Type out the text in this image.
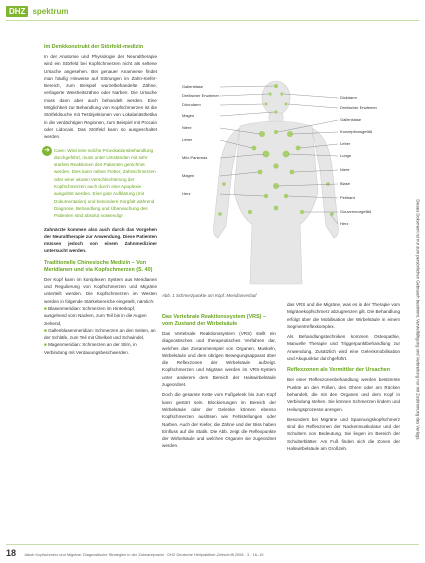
DHZ spektrum
Dieses Dokument ist nur zum persönlichen Gebrauch bestimmt. Vervielfältigung und Verbreitung nur mit Zustimmung des Verlags.
Im Denkkonstrukt der Störfeld-medizin

In der Anatomie und Physiologie der Neuraltherapie wird ein Störfeld bei Kopfschmerzen nicht als seltene Ursache angesehen. Bei genauer Anamnese findet man häufig Hinweise auf Störungen im Zahn-Kiefer-Bereich, zum Beispiel wurzelbehandelte Zähne, verlagerte Weisheitszähne oder Narben. Die Ursache muss dann aber auch behandelt werden. Eine Möglichkeit zur Behandlung von Kopfschmerzen ist die Störfeldsuche mit Testinjektionen von Lokalanästhetika in die verdächtigen Regionen, zum Beispiel mit Procain oder Lidocain. Das Störfeld kann so ausgeschaltet werden.

➜ Cave: Wird eine solche Provokationsbehandlung durchgeführt, muss unter Umständen mit sehr starken Reaktionen des Patienten gerechnet werden. Dies kann neben Fieber, Zahnschmerzen oder einer akuten Verschlechterung der Kopfschmerzen auch durch eine Apoplexie ausgelöst werden. Eine gute Aufklärung (mit Dokumentation) und besondere Sorgfalt während Diagnose, Behandlung und Überwachung des Patienten sind absolut notwendig!

Zahnärzte kommen also auch durch das Vorgehen der Neuraltherapie zur Anwendung. Diese Patienten müssen jedoch von einem Zahnmediziner untersucht werden.

Traditionelle Chinesische Medizin – Von Meridianen und via Kopfschmerzen (S. 40)

Der Kopf kann im komplexen System aus Meridianen und Regulierung von Kopfschmerzen und Migräne unterteilt werden. Die Kopfschmerzen im Westen werden in folgende Stärkebereiche eingeteilt, nämlich:

■ Blasenmeridian: Schmerzen im Hinterkopf, ausgehend vom Nacken, zum Teil bis in die Augen ziehend,
■ Gallenblasenmeridian: Schmerzen an den Seiten, an der Schläfe, zum Teil mit Übelkeit und Schwindel,
■ Magenmeridian: Schmerzen an der Stirn, in Verbindung mit Verdauungsbeschwerden.
Gallenblase
Dreifacher Erwärmer
Dünndarm
Magen
Niere
Leber
Milz-Pankreas
Magen
Herz
Dickdarm
Dreifacher Erwärmer
Gallenblase
Konzeptionsgefäß
Leber
Lunge
Niere
Blase
Perikard
Gouverneurgefäß
Herz
Abb. 1 Schmerzpunkte am Kopf. Meridianverlauf
Das Vertebrale Reaktionssystem (VRS) – vom Zustand der Wirbelsäule

Das Vertebrale Reaktionssystem (VRS) stellt ein diagnostisches und therapeutisches Verfahren dar, welches das Zusammenspiel von Organen, Muskeln, Wirbelsäule und dem übrigen Bewegungsapparat über die Reflexzonen der Wirbelsäule aufzeigt. Kopfschmerzen und Migräne werden im VRS-System unter anderem dem Bereich der Halswirbelsäule zugeordnet.

Doch die gesamte Kette vom Fußgelenk bis zum Kopf kann gestört sein. Blockierungen im Bereich der Wirbelsäule oder der Gelenke können ebenso Kopfschmerzen auslösen wie Fehlstellungen oder Narben. Auch der Kiefer, die Zähne und der Biss haben Einfluss auf die Statik. Die Abb. zeigt die Reflexpunkte der Wirbelsäule und welchen Organen sie zugeordnet werden.

das VRS und die Migräne, was es in der Therapie vom Migränekopfschmerz abzugrenzen gilt. Die Behandlung erfolgt über die Mobilisation der Wirbelsäule in einem Segmentreflexkomplex.

Als Behandlungstechniken kommen Osteopathie, Manuelle Therapie und Triggerpunktbehandlung zur Anwendung. Zusätzlich wird eine Gelenkmobilisation und Akupunktur durchgeführt.

Reflexzonen als Vermittler der Ursachen

Bei einer Reflexzonenbehandlung werden bestimmte Punkte an den Füßen, den Ohren oder am Rücken behandelt, die mit den Organen und dem Kopf in Verbindung stehen. Sie können Schmerzen lindern und Heilungsprozesse anregen.

Besonders bei Migräne und Spannungskopfschmerz sind die Reflexzonen der Nackenmuskulatur und der Schultern von Bedeutung. Sie liegen im Bereich der Schulterblätter. Am Fuß finden sich die Zonen der Halswirbelsäule am Großzeh.

18 Jakob Kopfschmerz und Migräne: Diagnostische Strategien in der Zahnarztpraxis · DHZ Deutsche Heilpraktiker-Zeitschrift 2008 · 3 · 16–19
